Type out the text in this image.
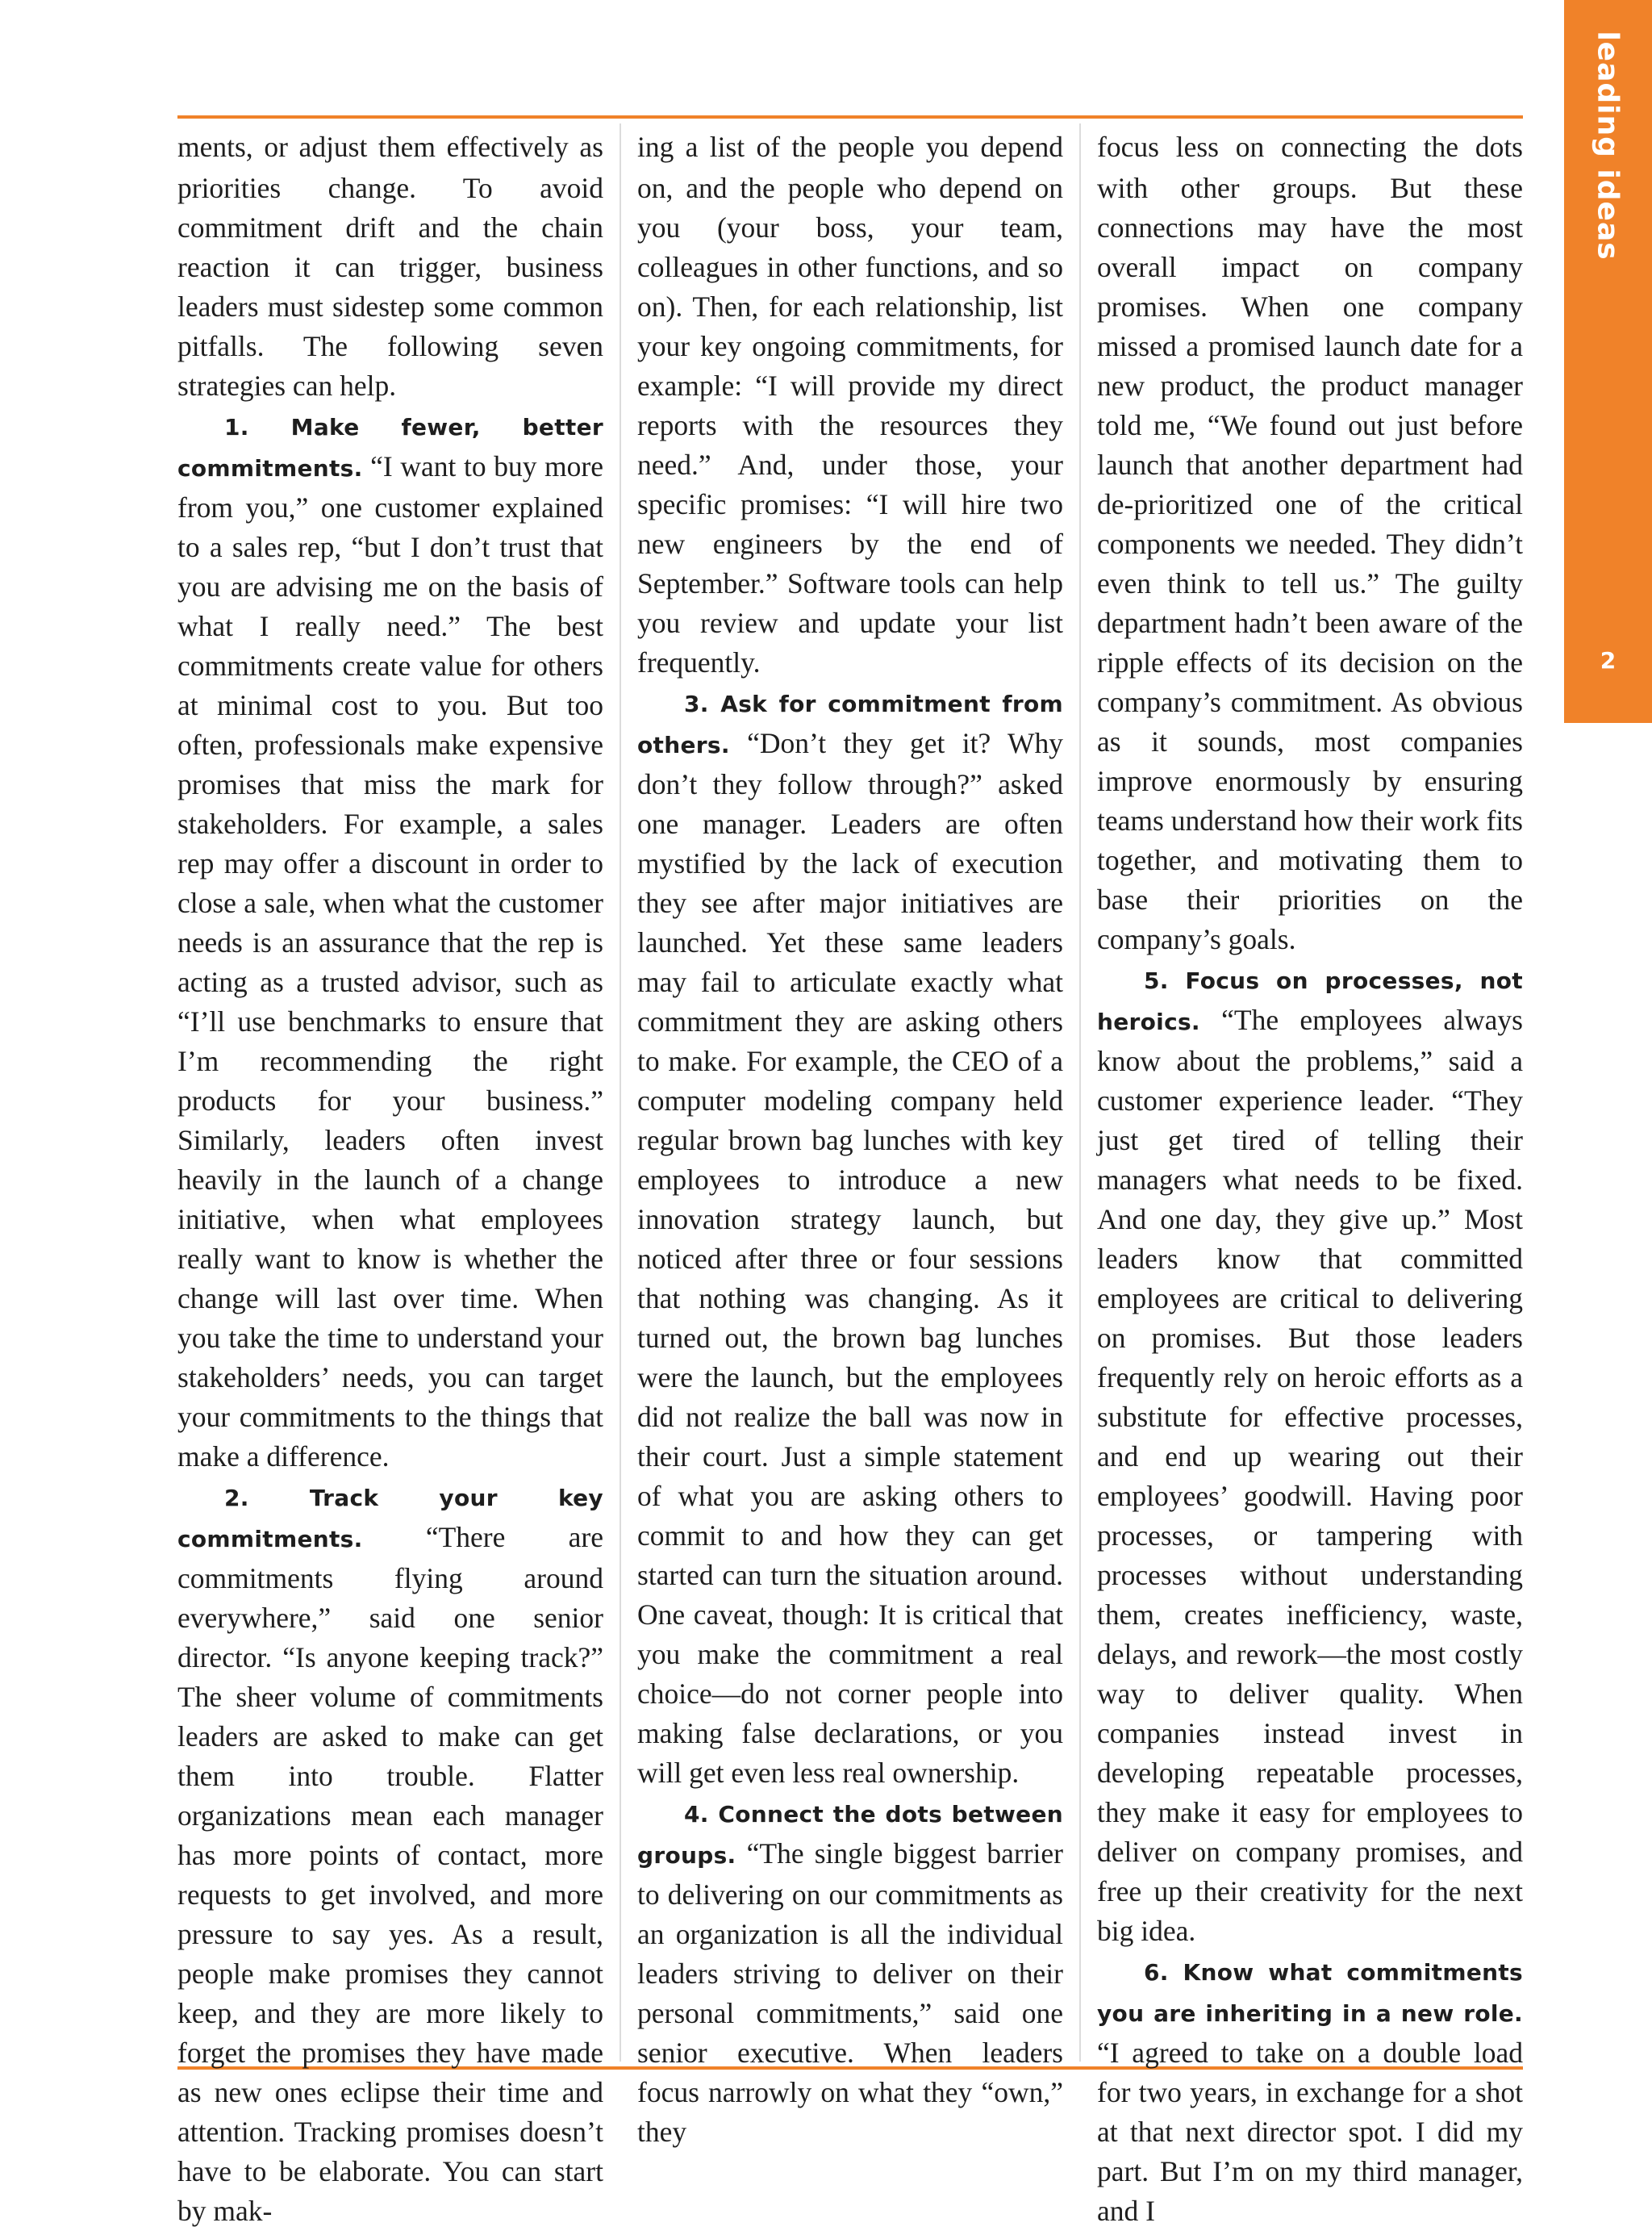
leading ideas
2

ments, or adjust them effectively as priorities change. To avoid commitment drift and the chain reaction it can trigger, business leaders must sidestep some common pitfalls. The following seven strategies can help.

1. Make fewer, better commitments. “I want to buy more from you,” one customer explained to a sales rep, “but I don’t trust that you are advising me on the basis of what I really need.” The best commitments create value for others at minimal cost to you. But too often, professionals make expensive promises that miss the mark for stakeholders. For example, a sales rep may offer a discount in order to close a sale, when what the customer needs is an assurance that the rep is acting as a trusted advisor, such as “I’ll use benchmarks to ensure that I’m recommending the right products for your business.” Similarly, leaders often invest heavily in the launch of a change initiative, when what employees really want to know is whether the change will last over time. When you take the time to understand your stakeholders’ needs, you can target your commitments to the things that make a difference.

2. Track your key commitments. “There are commitments flying around everywhere,” said one senior director. “Is anyone keeping track?” The sheer volume of commitments leaders are asked to make can get them into trouble. Flatter organizations mean each manager has more points of contact, more requests to get involved, and more pressure to say yes. As a result, people make promises they cannot keep, and they are more likely to forget the promises they have made as new ones eclipse their time and attention. Tracking promises doesn’t have to be elaborate. You can start by mak-

ing a list of the people you depend on, and the people who depend on you (your boss, your team, colleagues in other functions, and so on). Then, for each relationship, list your key ongoing commitments, for example: “I will provide my direct reports with the resources they need.” And, under those, your specific promises: “I will hire two new engineers by the end of September.” Software tools can help you review and update your list frequently.

3. Ask for commitment from others. “Don’t they get it? Why don’t they follow through?” asked one manager. Leaders are often mystified by the lack of execution they see after major initiatives are launched. Yet these same leaders may fail to articulate exactly what commitment they are asking others to make. For example, the CEO of a computer modeling company held regular brown bag lunches with key employees to introduce a new innovation strategy launch, but noticed after three or four sessions that nothing was changing. As it turned out, the brown bag lunches were the launch, but the employees did not realize the ball was now in their court. Just a simple statement of what you are asking others to commit to and how they can get started can turn the situation around. One caveat, though: It is critical that you make the commitment a real choice—do not corner people into making false declarations, or you will get even less real ownership.

4. Connect the dots between groups. “The single biggest barrier to delivering on our commitments as an organization is all the individual leaders striving to deliver on their personal commitments,” said one senior executive. When leaders focus narrowly on what they “own,” they

focus less on connecting the dots with other groups. But these connections may have the most overall impact on company promises. When one company missed a promised launch date for a new product, the product manager told me, “We found out just before launch that another department had de-prioritized one of the critical components we needed. They didn’t even think to tell us.” The guilty department hadn’t been aware of the ripple effects of its decision on the company’s commitment. As obvious as it sounds, most companies improve enormously by ensuring teams understand how their work fits together, and motivating them to base their priorities on the company’s goals.

5. Focus on processes, not heroics. “The employees always know about the problems,” said a customer experience leader. “They just get tired of telling their managers what needs to be fixed. And one day, they give up.” Most leaders know that committed employees are critical to delivering on promises. But those leaders frequently rely on heroic efforts as a substitute for effective processes, and end up wearing out their employees’ goodwill. Having poor processes, or tampering with processes without understanding them, creates inefficiency, waste, delays, and rework—the most costly way to deliver quality. When companies instead invest in developing repeatable processes, they make it easy for employees to deliver on company promises, and free up their creativity for the next big idea.

6. Know what commitments you are inheriting in a new role. “I agreed to take on a double load for two years, in exchange for a shot at that next director spot. I did my part. But I’m on my third manager, and I
